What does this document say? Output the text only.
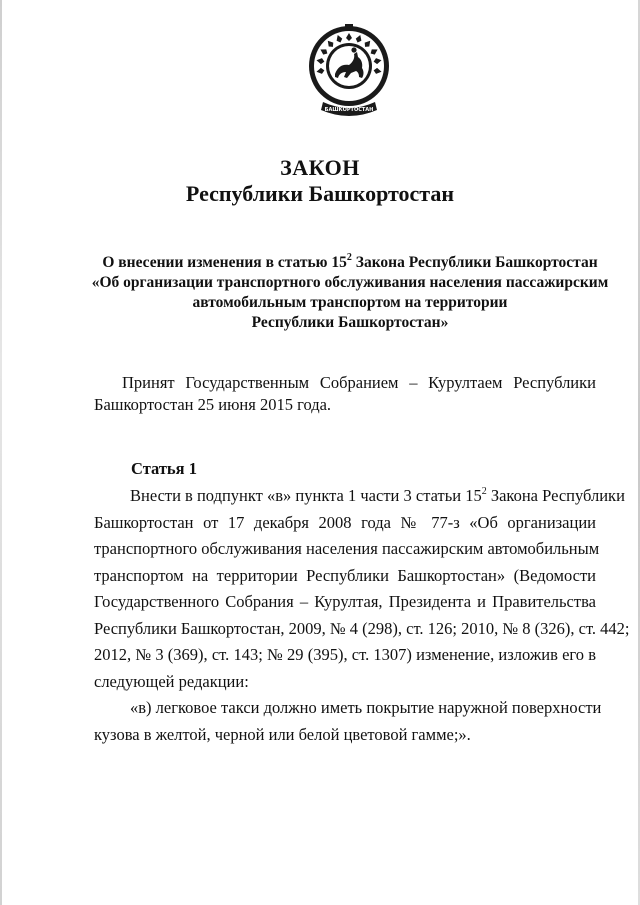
БАШКОРТОСТАН
ЗАКОН
Республики Башкортостан
О внесении изменения в статью $15^2$ Закона Республики Башкортостан
«Об организации транспортного обслуживания населения пассажирским
автомобильным транспортом на территории
Республики Башкортостан»
Принят Государственным Собранием – Курултаем Республики
Башкортостан 25 июня 2015 года.
Статья 1
Внести в подпункт «в» пункта 1 части 3 статьи $15^2$ Закона Республики
Башкортостан от 17 декабря 2008 года № 77-з «Об организации
транспортного обслуживания населения пассажирским автомобильным
транспортом на территории Республики Башкортостан» (Ведомости
Государственного Собрания – Курултая, Президента и Правительства
Республики Башкортостан, 2009, № 4 (298), ст. 126; 2010, № 8 (326), ст. 442;
2012, № 3 (369), ст. 143; № 29 (395), ст. 1307) изменение, изложив его в
следующей редакции:
«в) легковое такси должно иметь покрытие наружной поверхности
кузова в желтой, черной или белой цветовой гамме;».
